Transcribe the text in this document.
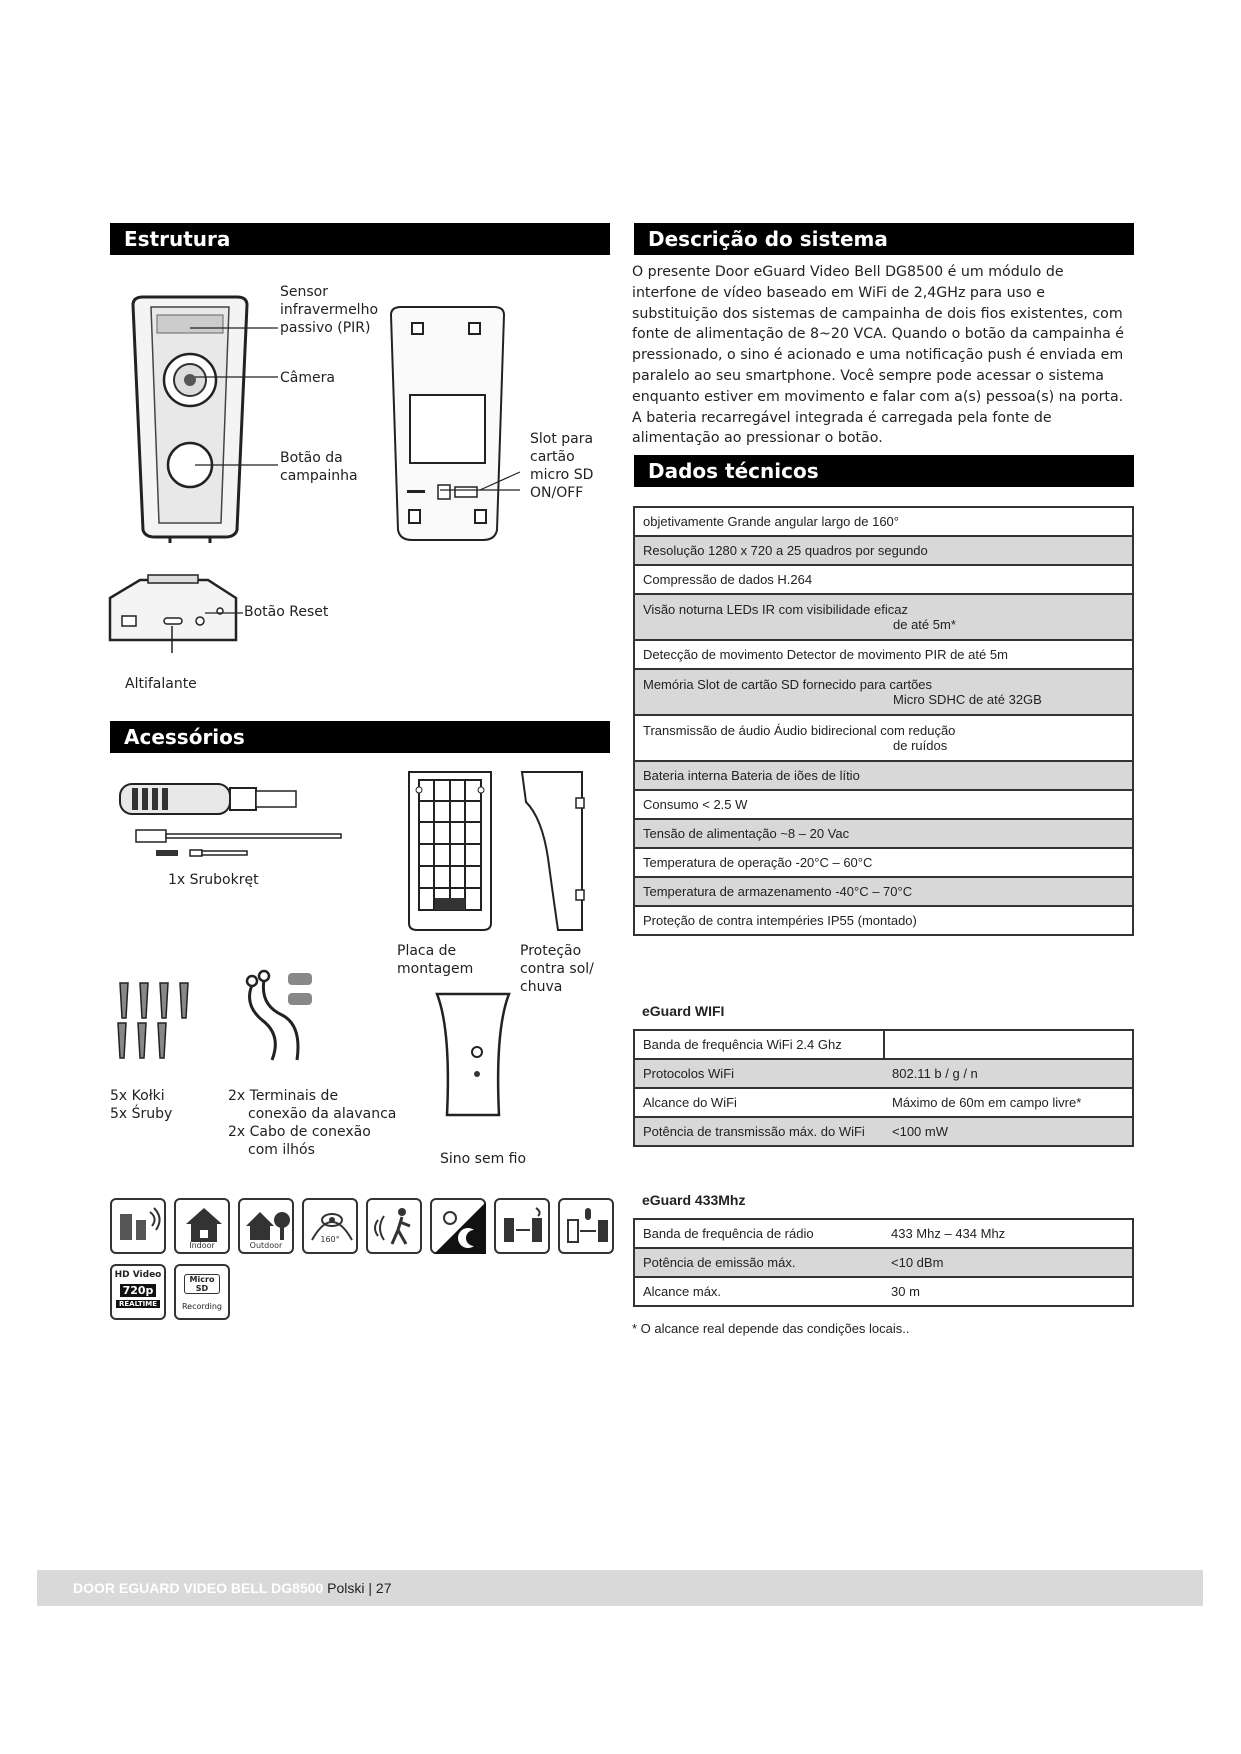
Estrutura
Sensor infravermelho passivo (PIR)
Câmera
Botão da campainha
Slot para cartão micro SD ON/OFF
Botão Reset
Altifalante
Acessórios
1x Srubokręt
Placa de montagem
Proteção contra sol/ chuva
5x Kołki
5x Śruby
2x Terminais de
conexão da alavanca
2x Cabo de conexão
com ilhós
Sino sem fio
Indoor	Outdoor
160°
HD Video
720p
REALTIME
Micro SD
Recording
Descrição do sistema
O presente Door eGuard Video Bell DG8500 é um módulo de interfone de vídeo baseado em WiFi de 2,4GHz para uso e substituição dos sistemas de campainha de dois fios existentes, com fonte de alimentação de 8~20 VCA. Quando o botão da campainha é pressionado, o sino é acionado e uma notificação push é enviada em paralelo ao seu smartphone. Você sempre pode acessar o sistema enquanto estiver em movimento e falar com a(s) pessoa(s) na porta. A bateria recarregável integrada é carregada pela fonte de alimentação ao pressionar o botão.
Dados técnicos
objetivamente Grande angular largo de 160°
Resolução 1280 x 720 a 25 quadros por segundo
Compressão de dados H.264
Visão noturna LEDs IR com visibilidade eficaz
de até 5m*

Detecção de movimento Detector de movimento PIR de até 5m
Memória Slot de cartão SD fornecido para cartões
Micro SDHC de até 32GB

Transmissão de áudio Áudio bidirecional com redução
de ruídos

Bateria interna Bateria de iões de lítio
Consumo < 2.5 W
Tensão de alimentação ~8 – 20 Vac
Temperatura de operação -20°C – 60°C
Temperatura de armazenamento -40°C – 70°C
Proteção de contra intempéries IP55 (montado)
eGuard WIFI
Banda de frequência WiFi 2.4 Ghz	
Protocolos WiFi	802.11 b / g / n
Alcance do WiFi	Máximo de 60m em campo livre*
Potência de transmissão máx. do WiFi	<100 mW
eGuard 433Mhz
Banda de frequência de rádio	433 Mhz – 434 Mhz
Potência de emissão máx.	<10 dBm
Alcance máx.	30 m
* O alcance real depende das condições locais..
DOOR EGUARD VIDEO BELL DG8500 Polski | 27
